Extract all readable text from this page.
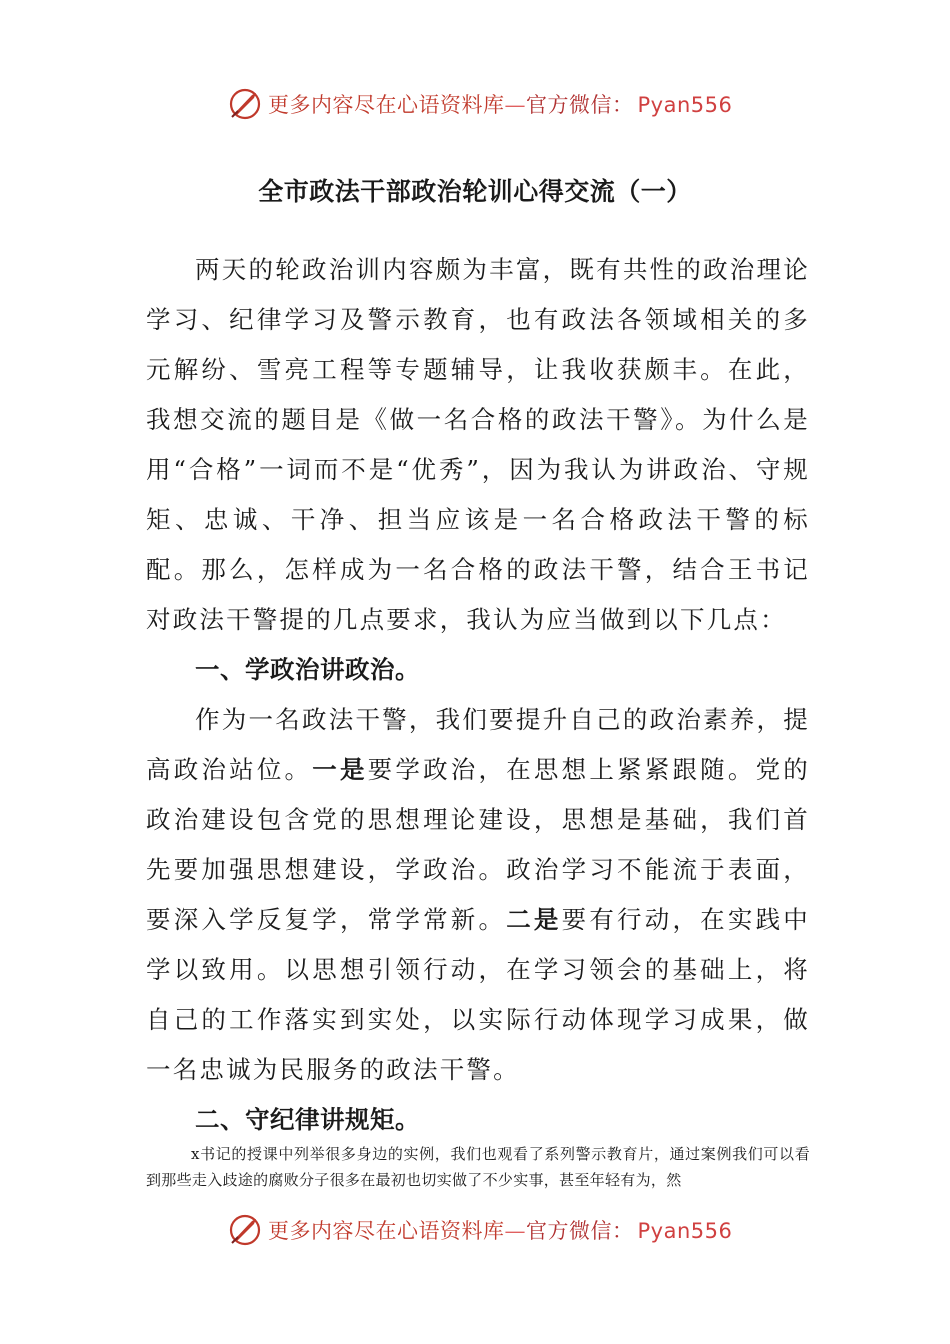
更多内容尽在心语资料库—官方微信： Pyan556
全市政法干部政治轮训心得交流（一）

两天的轮政治训内容颇为丰富，既有共性的政治理论学习、纪律学习及警示教育，也有政法各领域相关的多元解纷、雪亮工程等专题辅导，让我收获颇丰。在此，我想交流的题目是《做一名合格的政法干警》。为什么是用“合格”一词而不是“优秀”，因为我认为讲政治、守规矩、忠诚、干净、担当应该是一名合格政法干警的标配。那么，怎样成为一名合格的政法干警，结合王书记对政法干警提的几点要求，我认为应当做到以下几点：

一、学政治讲政治。

作为一名政法干警，我们要提升自己的政治素养，提高政治站位。一是要学政治，在思想上紧紧跟随。党的政治建设包含党的思想理论建设，思想是基础，我们首先要加强思想建设，学政治。政治学习不能流于表面，要深入学反复学，常学常新。二是要有行动，在实践中学以致用。以思想引领行动，在学习领会的基础上，将自己的工作落实到实处，以实际行动体现学习成果，做一名忠诚为民服务的政法干警。

二、守纪律讲规矩。

x书记的授课中列举很多身边的实例，我们也观看了系列警示教育片，通过案例我们可以看到那些走入歧途的腐败分子很多在最初也切实做了不少实事，甚至年轻有为，然

更多内容尽在心语资料库—官方微信： Pyan556
